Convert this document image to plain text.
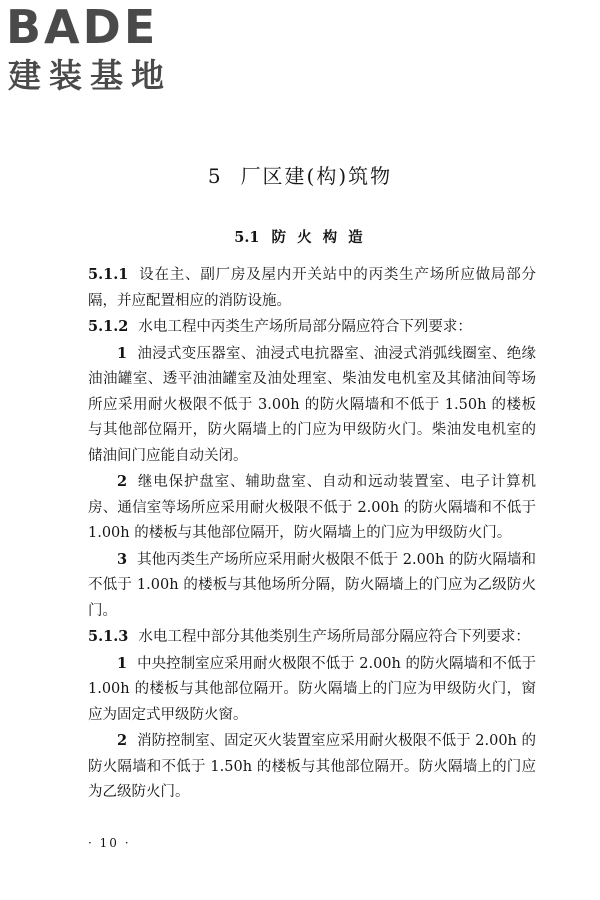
BADE
建装基地
5 厂区建(构)筑物
5.1 防 火 构 造

5.1.1 设在主、副厂房及屋内开关站中的丙类生产场所应做局部分隔，并应配置相应的消防设施。

5.1.2 水电工程中丙类生产场所局部分隔应符合下列要求：

1 油浸式变压器室、油浸式电抗器室、油浸式消弧线圈室、绝缘油油罐室、透平油油罐室及油处理室、柴油发电机室及其储油间等场所应采用耐火极限不低于 3.00h 的防火隔墙和不低于 1.50h 的楼板与其他部位隔开，防火隔墙上的门应为甲级防火门。柴油发电机室的储油间门应能自动关闭。

2 继电保护盘室、辅助盘室、自动和远动装置室、电子计算机房、通信室等场所应采用耐火极限不低于 2.00h 的防火隔墙和不低于 1.00h 的楼板与其他部位隔开，防火隔墙上的门应为甲级防火门。

3 其他丙类生产场所应采用耐火极限不低于 2.00h 的防火隔墙和不低于 1.00h 的楼板与其他场所分隔，防火隔墙上的门应为乙级防火门。

5.1.3 水电工程中部分其他类别生产场所局部分隔应符合下列要求：

1 中央控制室应采用耐火极限不低于 2.00h 的防火隔墙和不低于 1.00h 的楼板与其他部位隔开。防火隔墙上的门应为甲级防火门，窗应为固定式甲级防火窗。

2 消防控制室、固定灭火装置室应采用耐火极限不低于 2.00h 的防火隔墙和不低于 1.50h 的楼板与其他部位隔开。防火隔墙上的门应为乙级防火门。

· 10 ·
